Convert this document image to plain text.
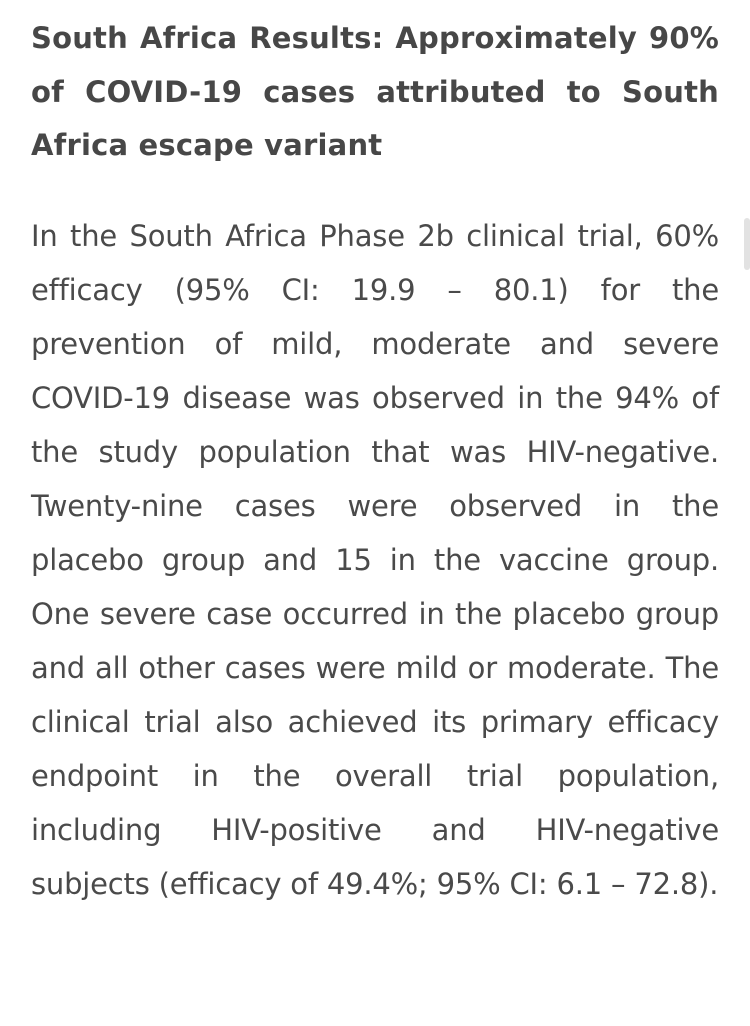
South Africa Results: Approximately 90% of COVID-19 cases attributed to South Africa escape variant

In the South Africa Phase 2b clinical trial, 60% efficacy (95% CI: 19.9 – 80.1) for the prevention of mild, moderate and severe COVID-19 disease was observed in the 94% of the study population that was HIV-negative. Twenty-nine cases were observed in the placebo group and 15 in the vaccine group. One severe case occurred in the placebo group and all other cases were mild or moderate. The clinical trial also achieved its primary efficacy endpoint in the overall trial population, including HIV-positive and HIV-negative subjects (efficacy of 49.4%; 95% CI: 6.1 – 72.8).
